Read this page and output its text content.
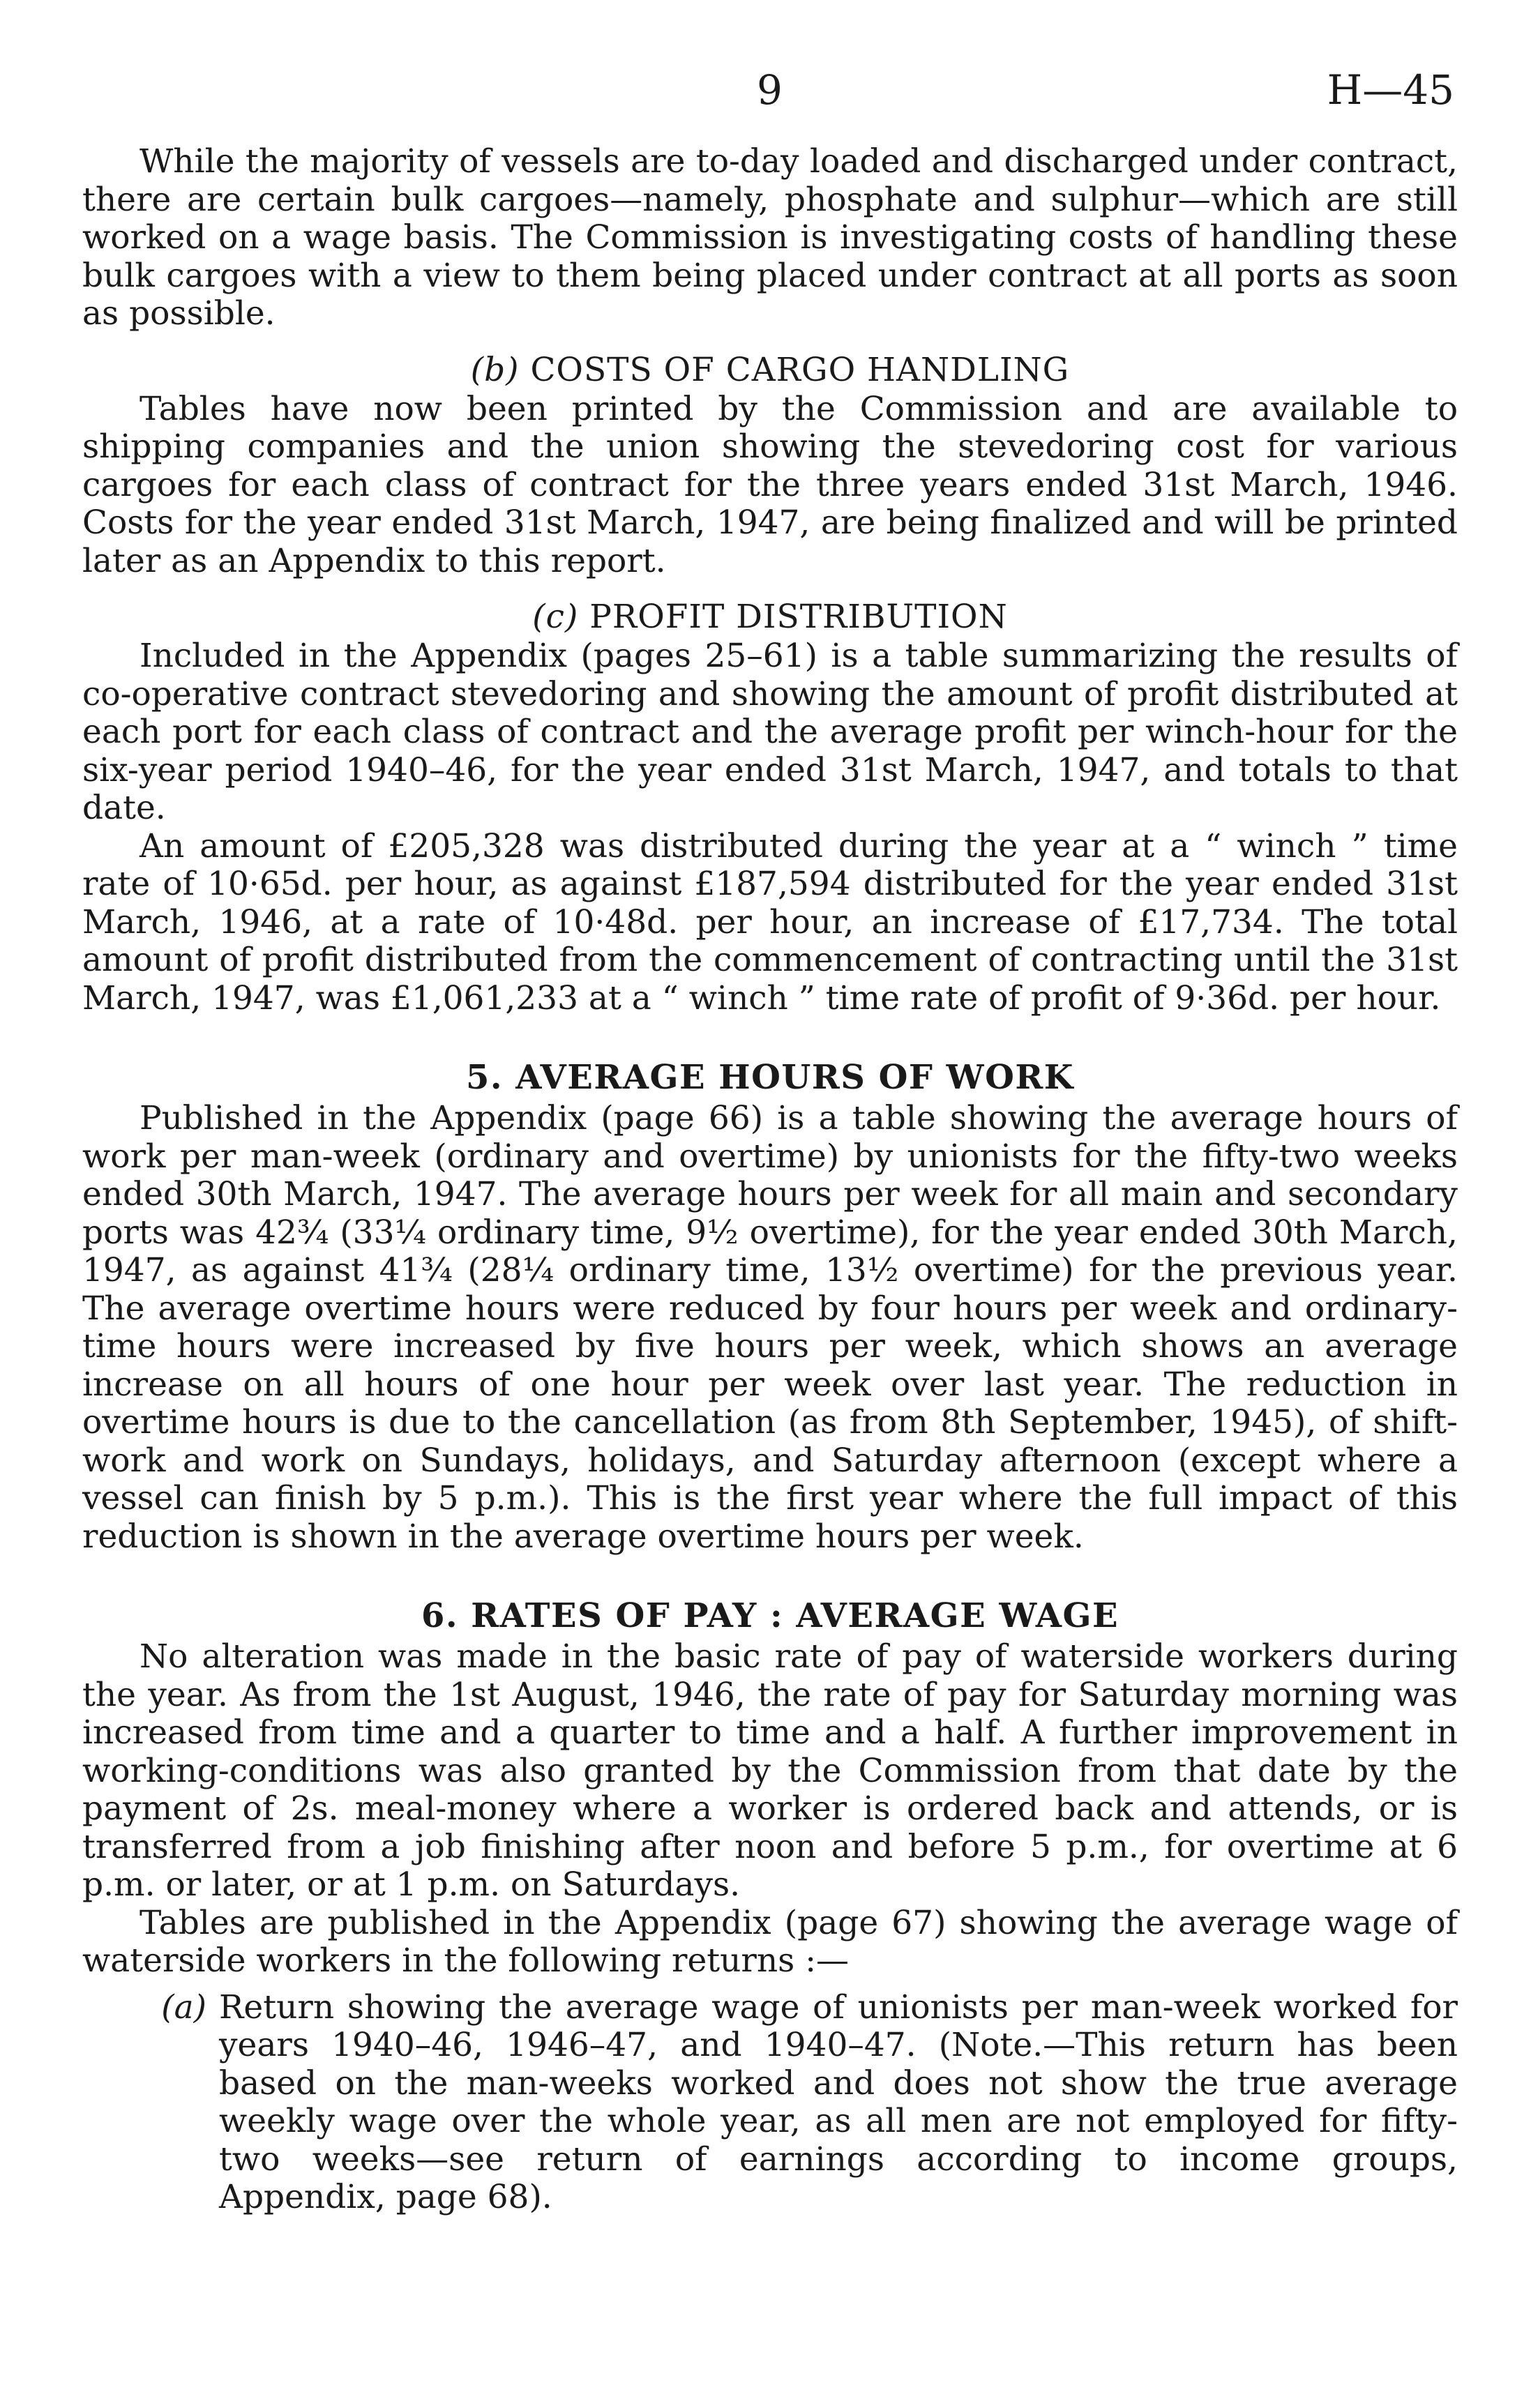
9	H—45

While the majority of vessels are to-day loaded and discharged under contract, there are certain bulk cargoes—namely, phosphate and sulphur—which are still worked on a wage basis. The Commission is investigating costs of handling these bulk cargoes with a view to them being placed under contract at all ports as soon as possible.

(b) COSTS OF CARGO HANDLING

Tables have now been printed by the Commission and are available to shipping companies and the union showing the stevedoring cost for various cargoes for each class of contract for the three years ended 31st March, 1946. Costs for the year ended 31st March, 1947, are being finalized and will be printed later as an Appendix to this report.

(c) PROFIT DISTRIBUTION

Included in the Appendix (pages 25–61) is a table summarizing the results of co-operative contract stevedoring and showing the amount of profit distributed at each port for each class of contract and the average profit per winch-hour for the six-year period 1940–46, for the year ended 31st March, 1947, and totals to that date.

An amount of £205,328 was distributed during the year at a “ winch ” time rate of 10·65d. per hour, as against £187,594 distributed for the year ended 31st March, 1946, at a rate of 10·48d. per hour, an increase of £17,734. The total amount of profit distributed from the commencement of contracting until the 31st March, 1947, was £1,061,233 at a “ winch ” time rate of profit of 9·36d. per hour.

5. AVERAGE HOURS OF WORK

Published in the Appendix (page 66) is a table showing the average hours of work per man-week (ordinary and overtime) by unionists for the fifty-two weeks ended 30th March, 1947. The average hours per week for all main and secondary ports was 42¾ (33¼ ordinary time, 9½ overtime), for the year ended 30th March, 1947, as against 41¾ (28¼ ordinary time, 13½ overtime) for the previous year. The average overtime hours were reduced by four hours per week and ordinary-time hours were increased by five hours per week, which shows an average increase on all hours of one hour per week over last year. The reduction in overtime hours is due to the cancellation (as from 8th September, 1945), of shift-work and work on Sundays, holidays, and Saturday afternoon (except where a vessel can finish by 5 p.m.). This is the first year where the full impact of this reduction is shown in the average overtime hours per week.

6. RATES OF PAY : AVERAGE WAGE

No alteration was made in the basic rate of pay of waterside workers during the year. As from the 1st August, 1946, the rate of pay for Saturday morning was increased from time and a quarter to time and a half. A further improvement in working-conditions was also granted by the Commission from that date by the payment of 2s. meal-money where a worker is ordered back and attends, or is transferred from a job finishing after noon and before 5 p.m., for overtime at 6 p.m. or later, or at 1 p.m. on Saturdays.

Tables are published in the Appendix (page 67) showing the average wage of waterside workers in the following returns :—

(a) Return showing the average wage of unionists per man-week worked for years 1940–46, 1946–47, and 1940–47. (Note.—This return has been based on the man-weeks worked and does not show the true average weekly wage over the whole year, as all men are not employed for fifty-two weeks—see return of earnings according to income groups, Appendix, page 68).
